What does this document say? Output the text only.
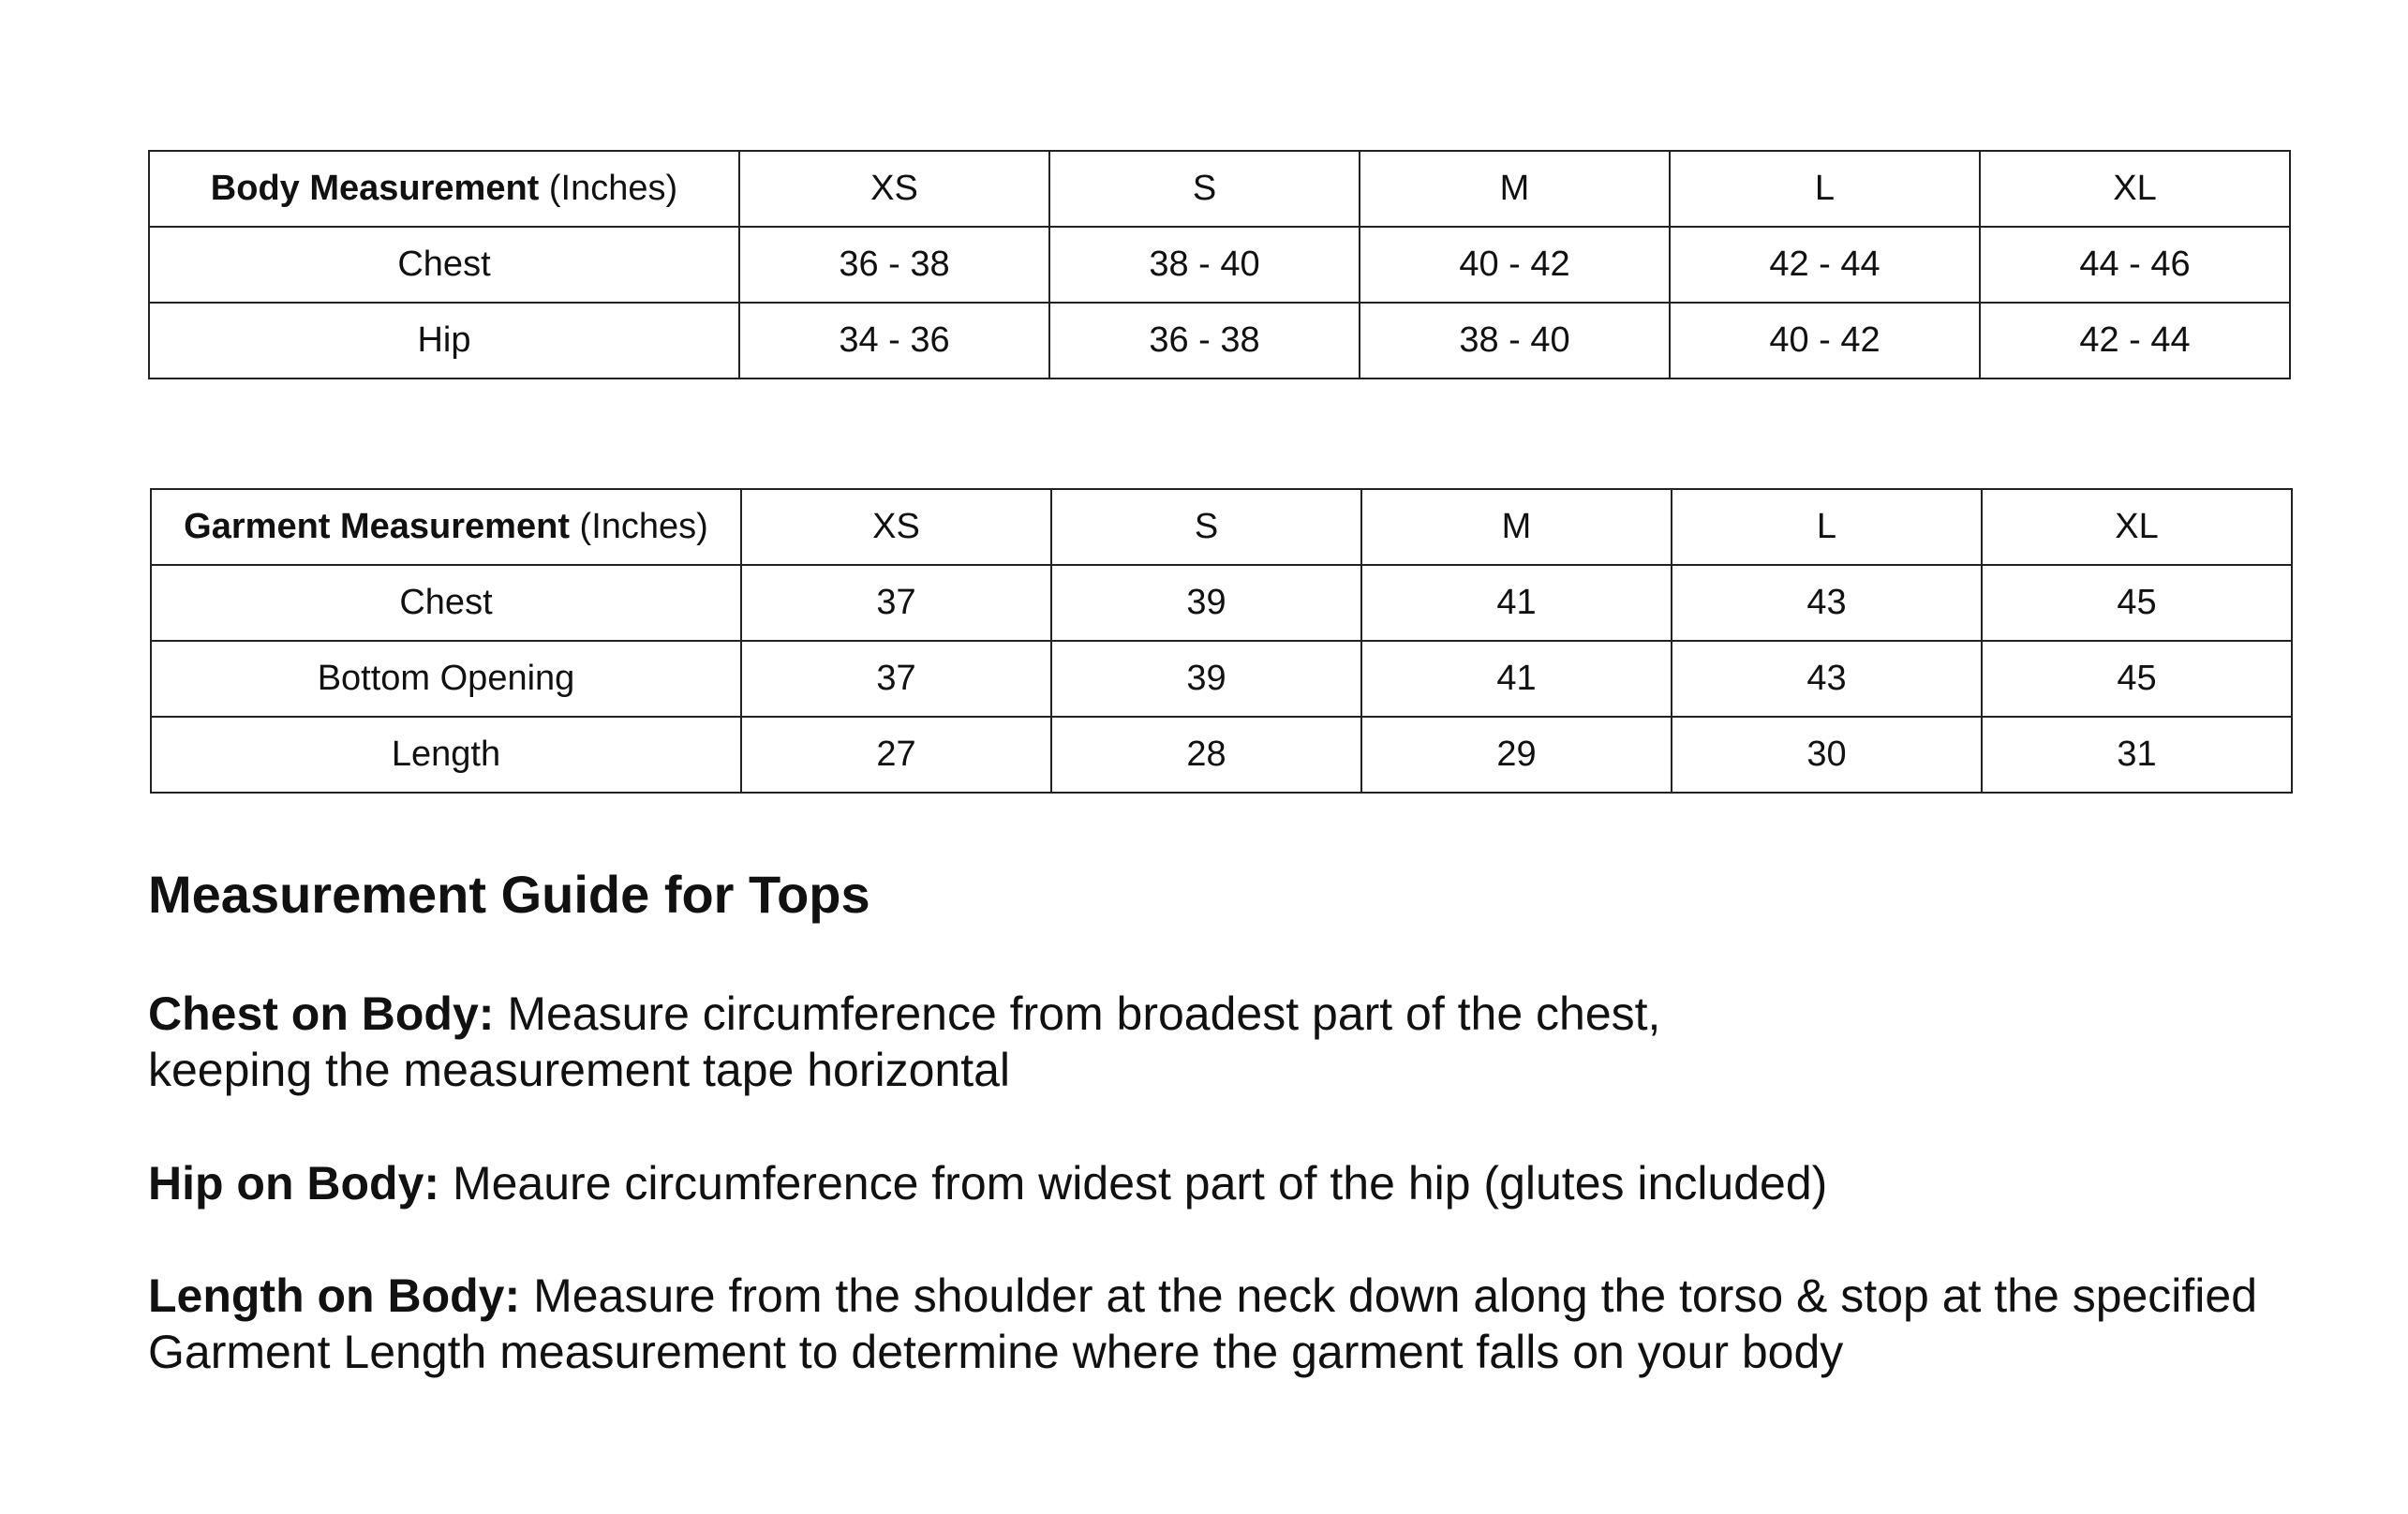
Body Measurement (Inches)	XS	S	M	L	XL
Chest	36 - 38	38 - 40	40 - 42	42 - 44	44 - 46
Hip	34 - 36	36 - 38	38 - 40	40 - 42	42 - 44
Garment Measurement (Inches)	XS	S	M	L	XL
Chest	37	39	41	43	45
Bottom Opening	37	39	41	43	45
Length	27	28	29	30	31
Measurement Guide for Tops

Chest on Body: Measure circumference from broadest part of the chest,
keeping the measurement tape horizontal

Hip on Body: Meaure circumference from widest part of the hip (glutes included)

Length on Body: Measure from the shoulder at the neck down along the torso & stop at the specified
Garment Length measurement to determine where the garment falls on your body
